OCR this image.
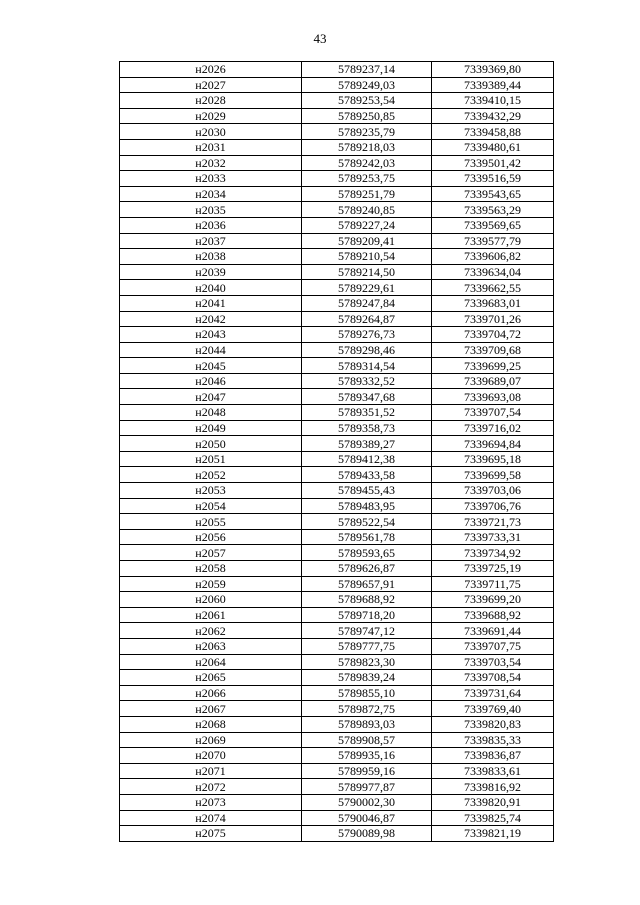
43
н2026	5789237,14	7339369,80
н2027	5789249,03	7339389,44
н2028	5789253,54	7339410,15
н2029	5789250,85	7339432,29
н2030	5789235,79	7339458,88
н2031	5789218,03	7339480,61
н2032	5789242,03	7339501,42
н2033	5789253,75	7339516,59
н2034	5789251,79	7339543,65
н2035	5789240,85	7339563,29
н2036	5789227,24	7339569,65
н2037	5789209,41	7339577,79
н2038	5789210,54	7339606,82
н2039	5789214,50	7339634,04
н2040	5789229,61	7339662,55
н2041	5789247,84	7339683,01
н2042	5789264,87	7339701,26
н2043	5789276,73	7339704,72
н2044	5789298,46	7339709,68
н2045	5789314,54	7339699,25
н2046	5789332,52	7339689,07
н2047	5789347,68	7339693,08
н2048	5789351,52	7339707,54
н2049	5789358,73	7339716,02
н2050	5789389,27	7339694,84
н2051	5789412,38	7339695,18
н2052	5789433,58	7339699,58
н2053	5789455,43	7339703,06
н2054	5789483,95	7339706,76
н2055	5789522,54	7339721,73
н2056	5789561,78	7339733,31
н2057	5789593,65	7339734,92
н2058	5789626,87	7339725,19
н2059	5789657,91	7339711,75
н2060	5789688,92	7339699,20
н2061	5789718,20	7339688,92
н2062	5789747,12	7339691,44
н2063	5789777,75	7339707,75
н2064	5789823,30	7339703,54
н2065	5789839,24	7339708,54
н2066	5789855,10	7339731,64
н2067	5789872,75	7339769,40
н2068	5789893,03	7339820,83
н2069	5789908,57	7339835,33
н2070	5789935,16	7339836,87
н2071	5789959,16	7339833,61
н2072	5789977,87	7339816,92
н2073	5790002,30	7339820,91
н2074	5790046,87	7339825,74
н2075	5790089,98	7339821,19
